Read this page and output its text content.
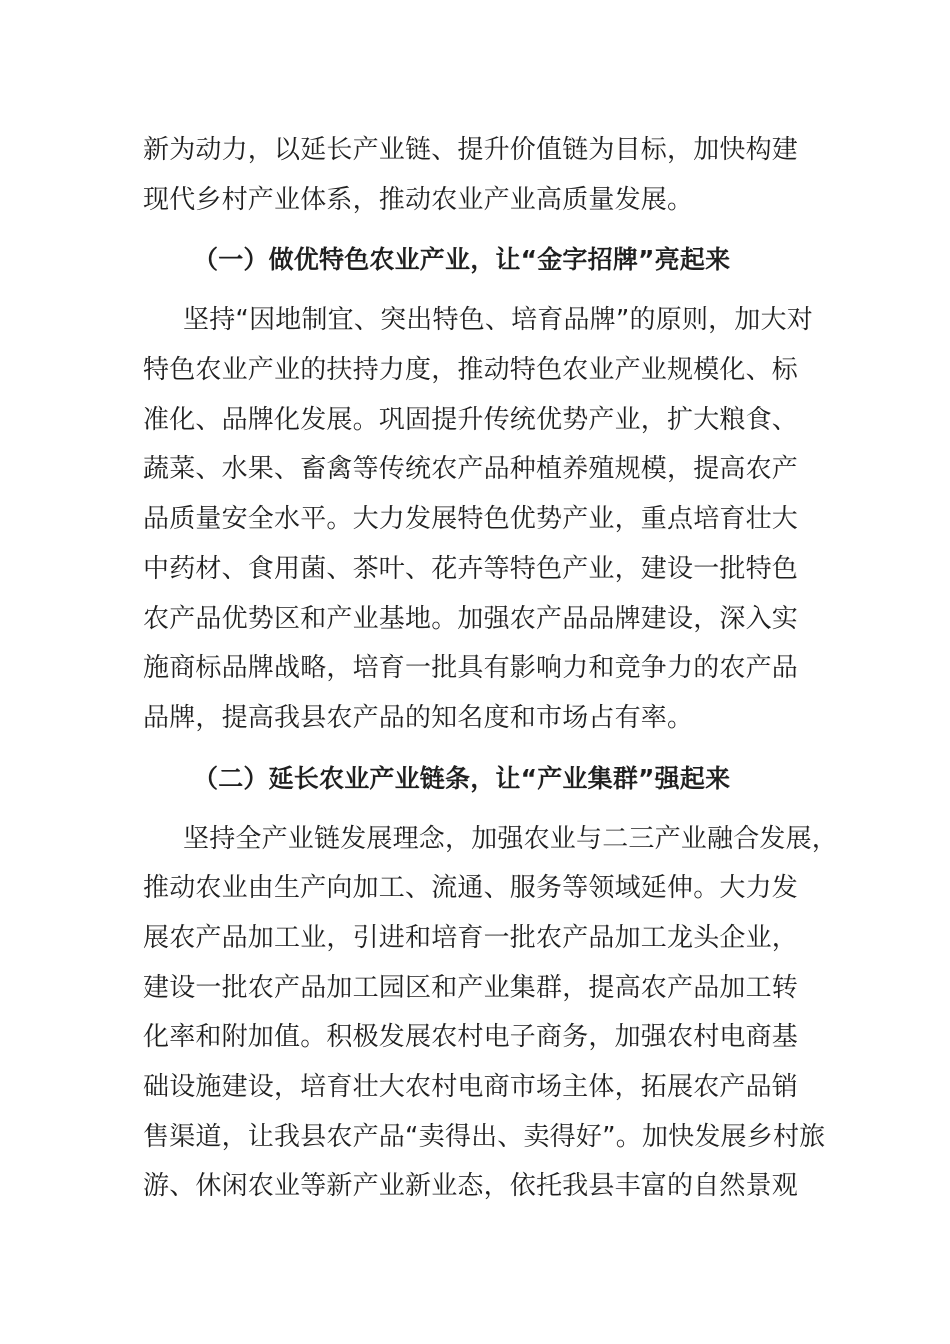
新为动力，以延长产业链、提升价值链为目标，加快构建
现代乡村产业体系，推动农业产业高质量发展。
（一）做优特色农业产业，让“金字招牌”亮起来
坚持“因地制宜、突出特色、培育品牌”的原则，加大对
特色农业产业的扶持力度，推动特色农业产业规模化、标
准化、品牌化发展。巩固提升传统优势产业，扩大粮食、
蔬菜、水果、畜禽等传统农产品种植养殖规模，提高农产
品质量安全水平。大力发展特色优势产业，重点培育壮大
中药材、食用菌、茶叶、花卉等特色产业，建设一批特色
农产品优势区和产业基地。加强农产品品牌建设，深入实
施商标品牌战略，培育一批具有影响力和竞争力的农产品
品牌，提高我县农产品的知名度和市场占有率。
（二）延长农业产业链条，让“产业集群”强起来
坚持全产业链发展理念，加强农业与二三产业融合发展，
推动农业由生产向加工、流通、服务等领域延伸。大力发
展农产品加工业，引进和培育一批农产品加工龙头企业，
建设一批农产品加工园区和产业集群，提高农产品加工转
化率和附加值。积极发展农村电子商务，加强农村电商基
础设施建设，培育壮大农村电商市场主体，拓展农产品销
售渠道，让我县农产品“卖得出、卖得好”。加快发展乡村旅
游、休闲农业等新产业新业态，依托我县丰富的自然景观
